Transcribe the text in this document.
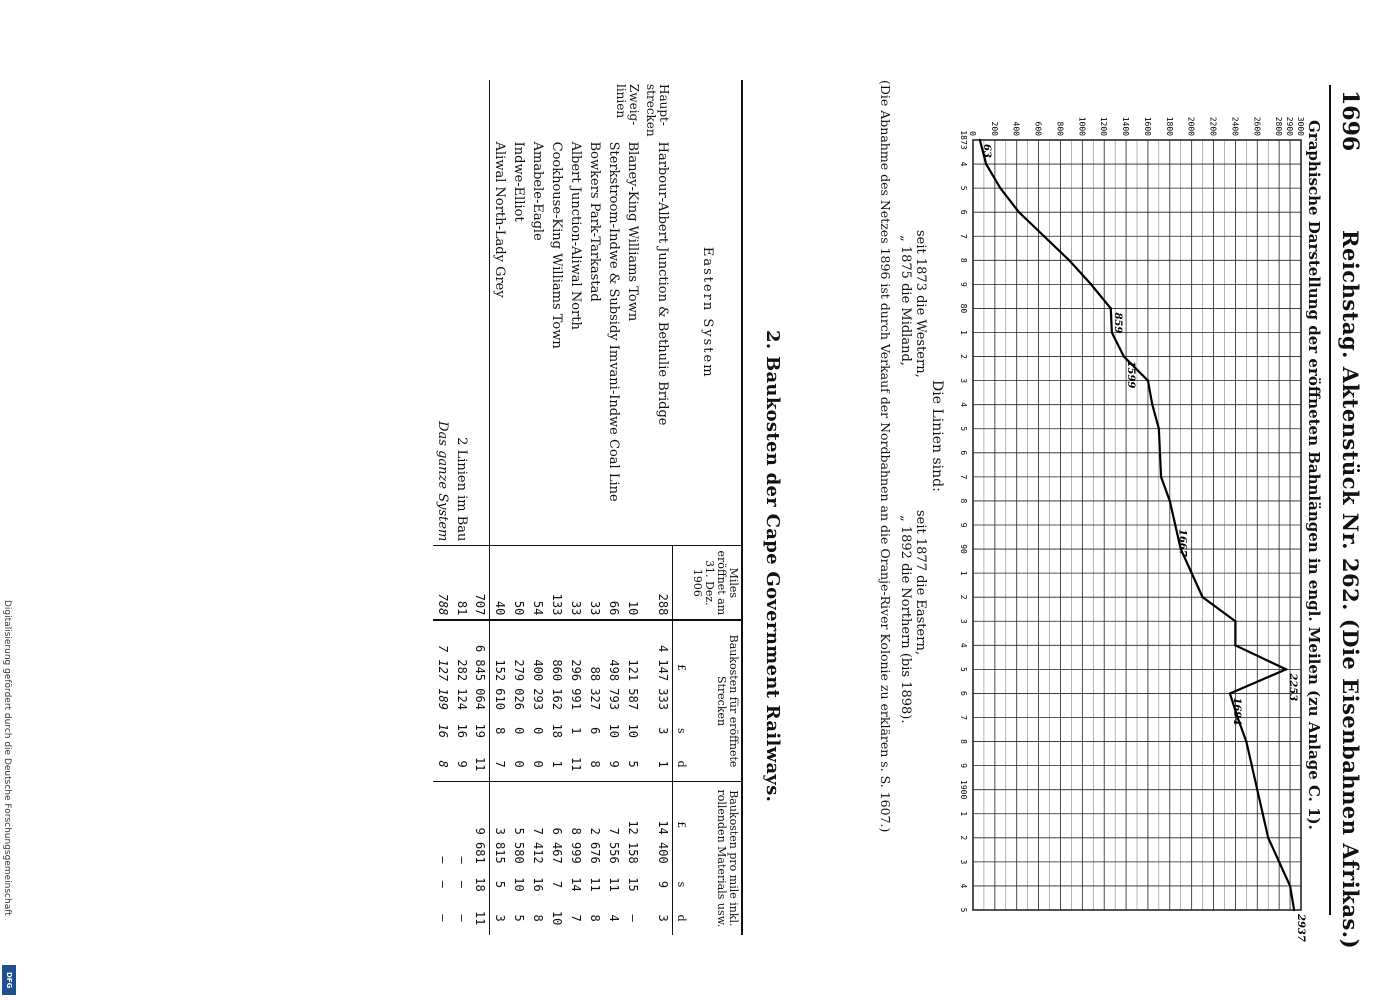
Digitalisierung gefördert durch die Deutsche Forschungsgemeinschaft
DFG
1696
Reichstag. Aktenstück Nr. 262. (Die Eisenbahnen Afrikas.)
Graphische Darstellung der eröffneten Bahnlängen in engl. Meilen (zu Anlage C. 1).
1873
4
5
6
7
8
9
80
1
2
3
4
5
6
7
8
9
90
1
2
3
4
5
6
7
8
9
1900
1
2
3
4
5
0 200 400 600 800 1000 1200 1400 1600 1800 2000 2200 2400 2600 2800 2900 3000
63
859
1599
1667
2253
1694
2937
Die Linien sind:
seit 1873 die Western,
„ 1875 die Midland,
seit 1877 die Eastern,
„ 1892 die Northern (bis 1898).
(Die Abnahme des Netzes 1896 ist durch Verkauf der Nordbahnen an die Oranje-River Kolonie zu erklären s. S. 1607.)
2. Baukosten der Cape Government Railways.
Eastern System		Miles eröffnet am 31. Dez. 1906	Baukosten für eröffnete Strecken			Baukosten pro mile inkl. rollenden Materials usw.		
			£	s	d	£	s	d
Haupt-strecken	Harbour-Albert Junction & Bethulie Bridge	288	4 147 333	3	1	14 400	9	3
Zweig-linien	Blaney-King Williams Town	10	121 587	10	5	12 158	15	—
	Sterkstroom-Indwe & Subsidy Imvani-Indwe Coal Line	66	498 793	10	9	7 556	11	4
	Bowkers Park-Tarkastad	33	88 327	6	8	2 676	11	8
	Albert Junction-Aliwal North	33	296 991	1	11	8 999	14	7
	Cookhouse-King Williams Town	133	860 162	18	1	6 467	7	10
	Amabele-Eagle	54	400 293	0	0	7 412	16	8
	Indwe-Elliot	50	279 026	0	0	5 580	10	5
	Aliwal North-Lady Grey	40	152 610	8	7	3 815	5	3
		707	6 845 064	19	11	9 681	18	11
	2 Linien im Bau	81	282 124	16	9	—	—	—
	Das ganze System	788	7 127 189	16	8	—	—	—
